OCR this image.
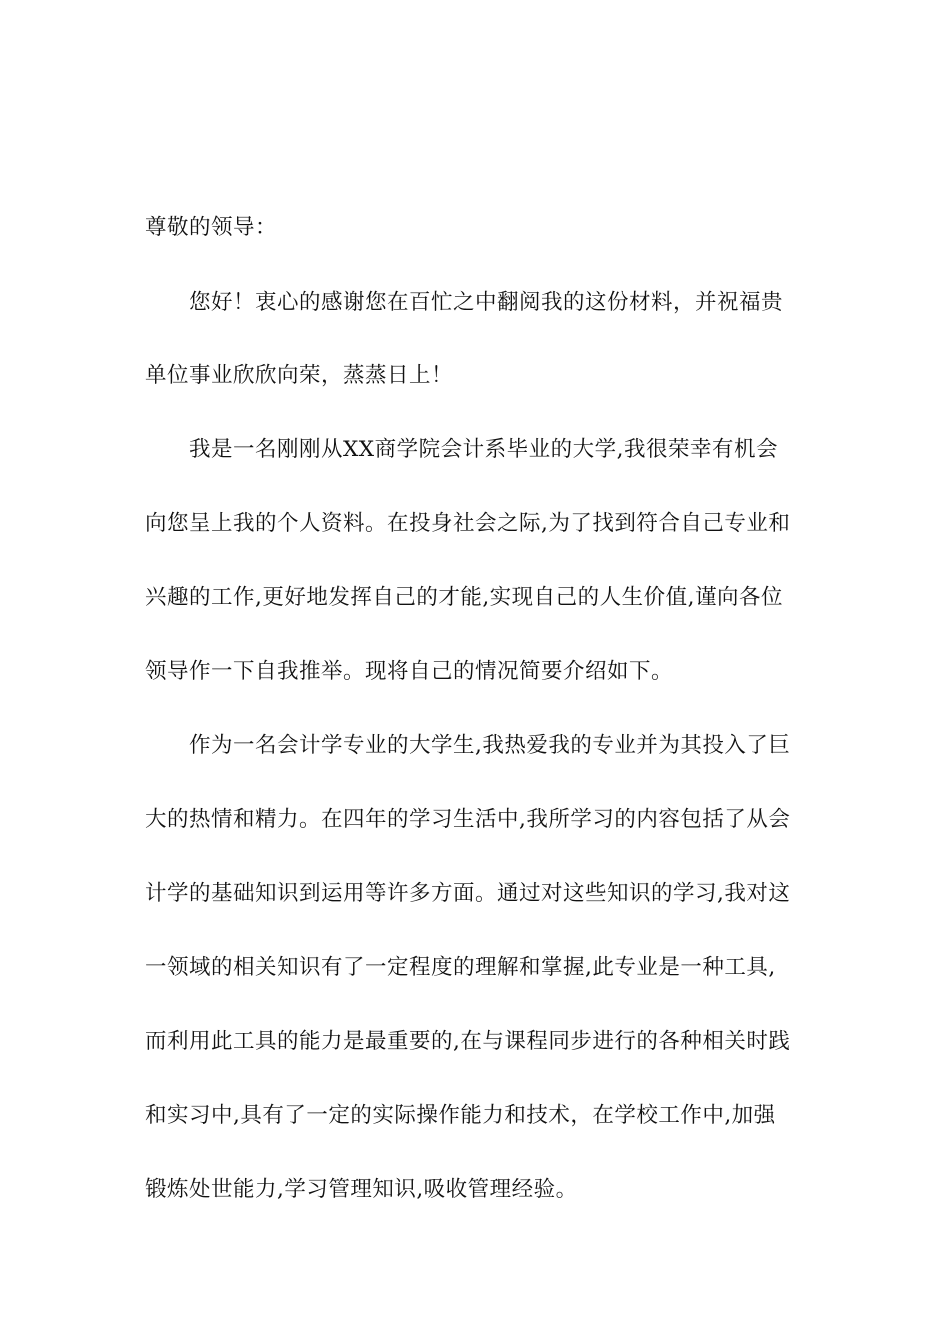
尊敬的领导：
您好！衷心的感谢您在百忙之中翻阅我的这份材料，并祝福贵
单位事业欣欣向荣，蒸蒸日上！
我是一名刚刚从XX商学院会计系毕业的大学,我很荣幸有机会
向您呈上我的个人资料。在投身社会之际,为了找到符合自己专业和
兴趣的工作,更好地发挥自己的才能,实现自己的人生价值,谨向各位
领导作一下自我推举。现将自己的情况简要介绍如下。
作为一名会计学专业的大学生,我热爱我的专业并为其投入了巨
大的热情和精力。在四年的学习生活中,我所学习的内容包括了从会
计学的基础知识到运用等许多方面。通过对这些知识的学习,我对这
一领域的相关知识有了一定程度的理解和掌握,此专业是一种工具,
而利用此工具的能力是最重要的,在与课程同步进行的各种相关时践
和实习中,具有了一定的实际操作能力和技术，在学校工作中,加强
锻炼处世能力,学习管理知识,吸收管理经验。
